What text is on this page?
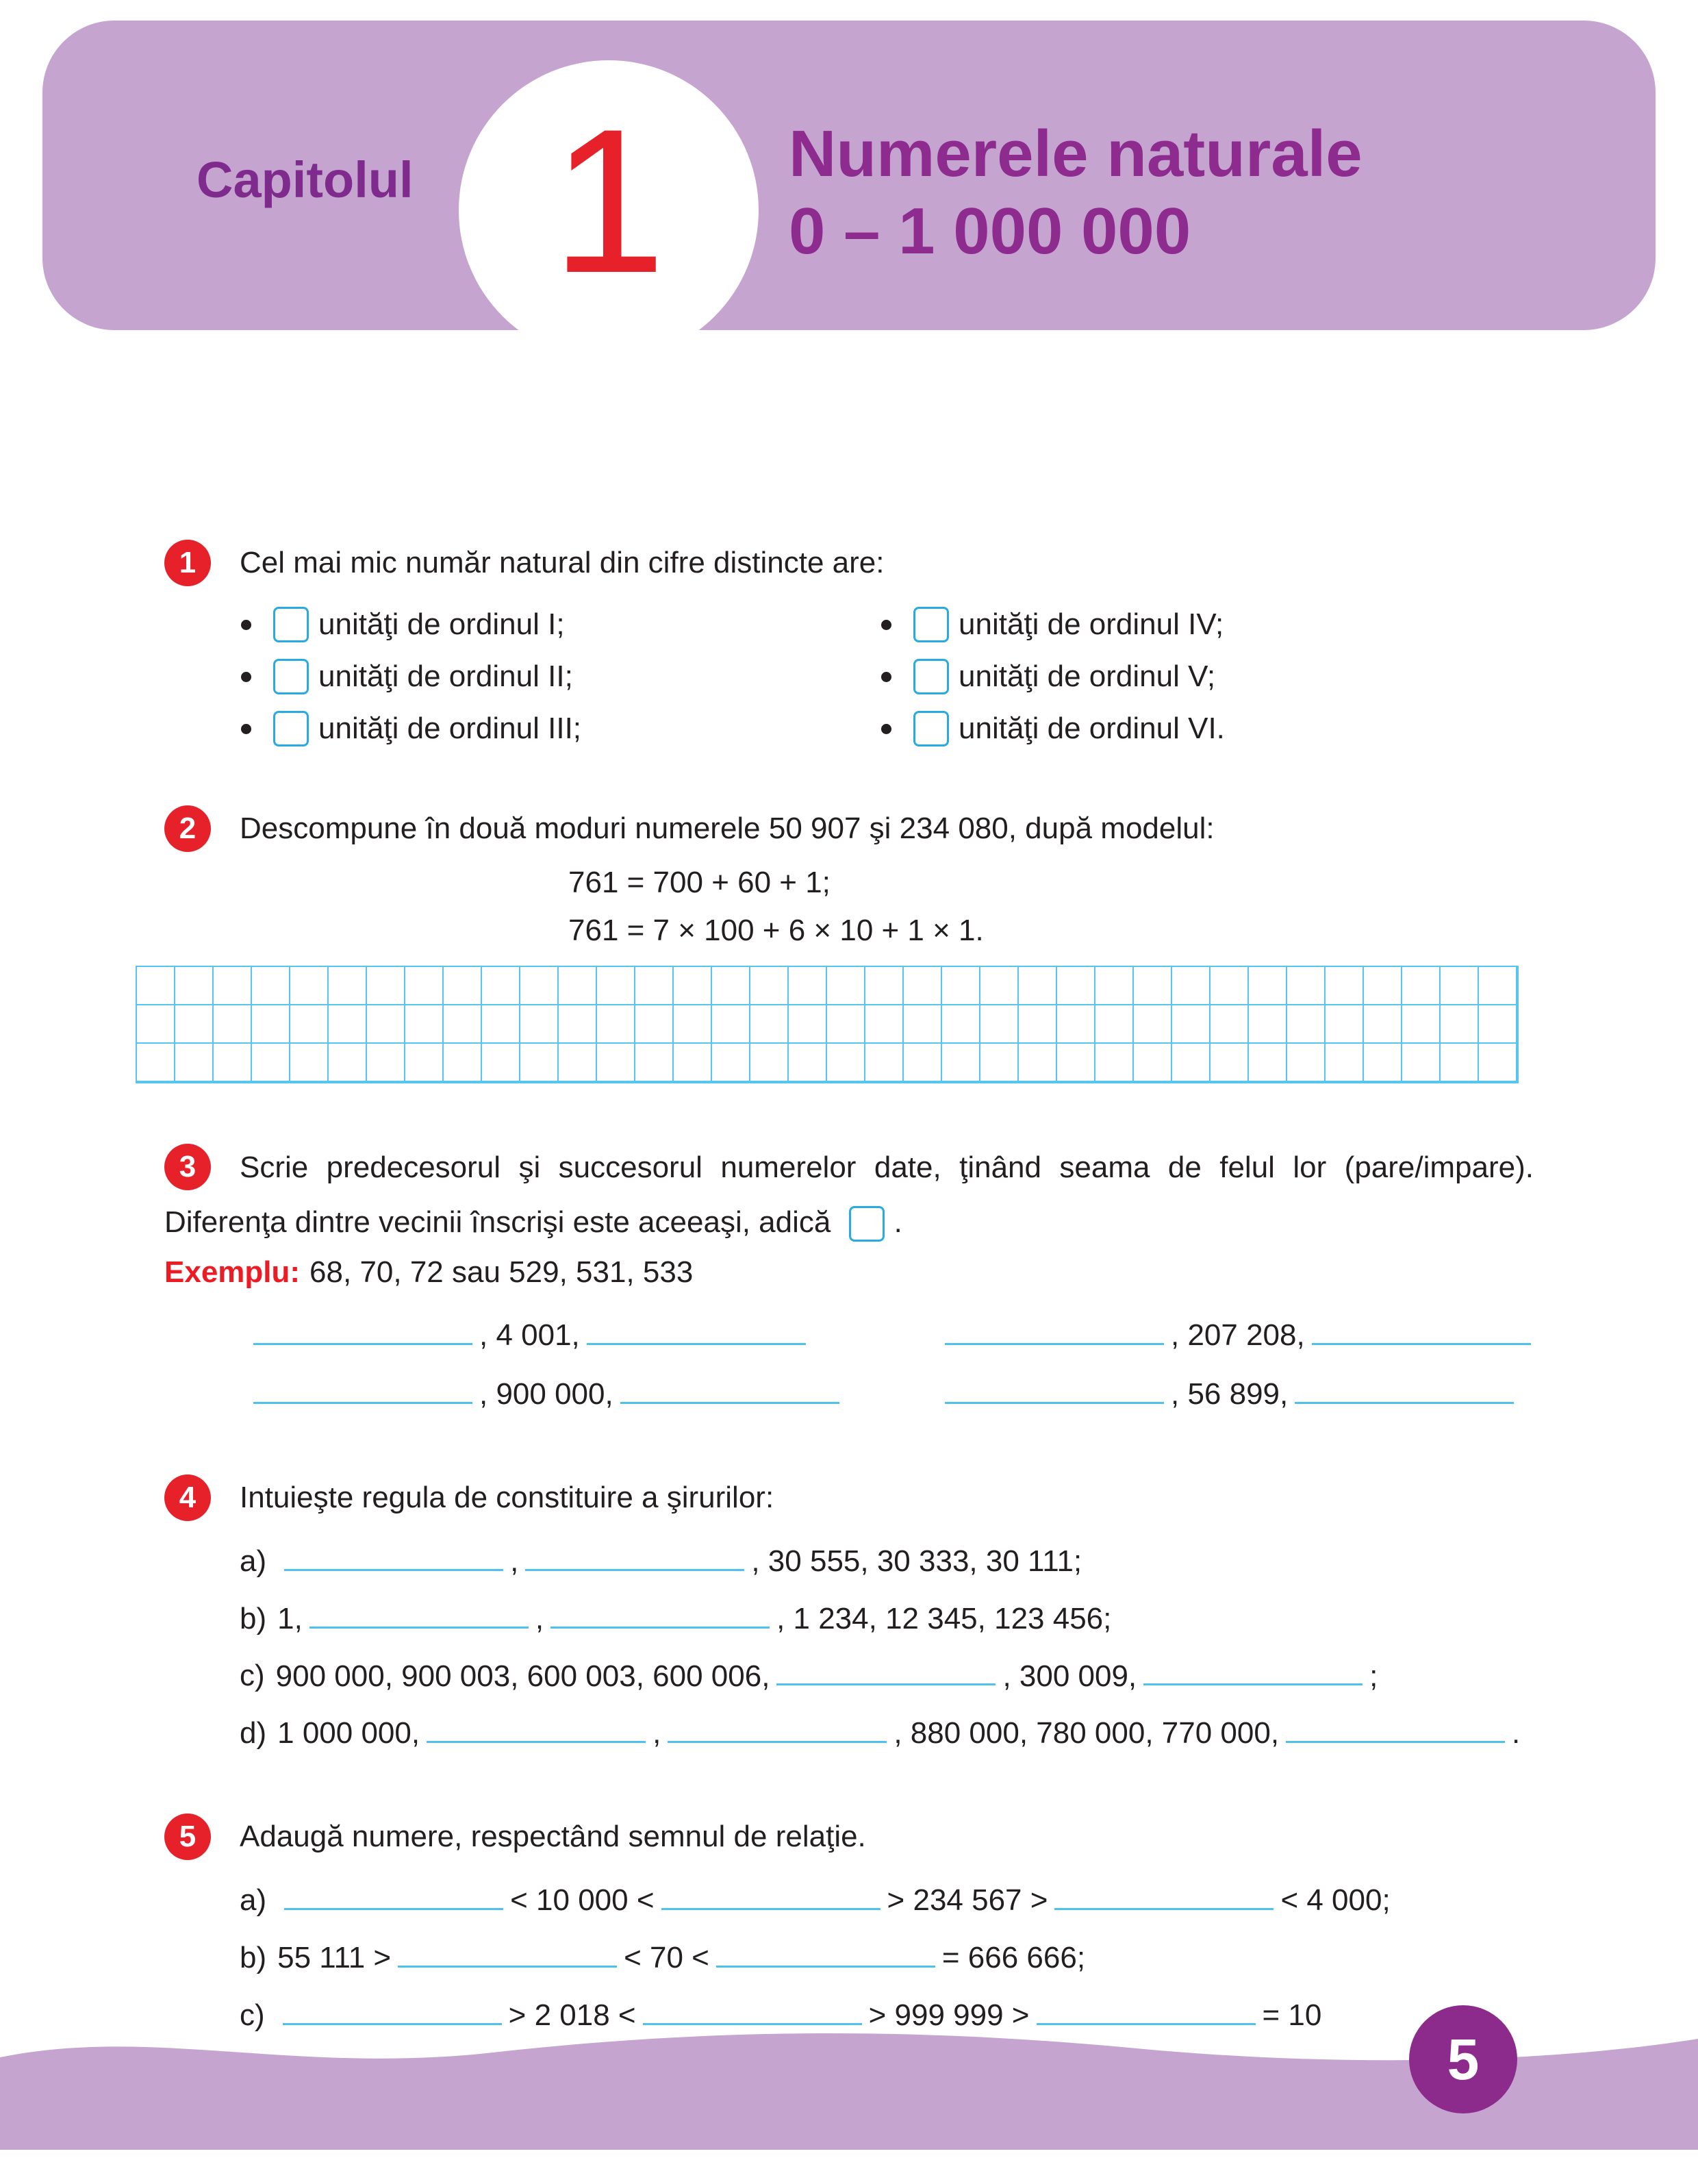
Capitolul 1	Numerele naturale
0 – 1 000 000
1	Cel mai mic număr natural din cifre distincte are:
unităţi de ordinul I;	unităţi de ordinul IV;
unităţi de ordinul II;	unităţi de ordinul V;
unităţi de ordinul III;	unităţi de ordinul VI.
2	Descompune în două moduri numerele 50 907 şi 234 080, după modelul:
761 = 700 + 60 + 1;
761 = 7 × 100 + 6 × 10 + 1 × 1.
3	Scrie predecesorul şi succesorul numerelor date, ţinând seama de felul lor (pare/impare).
Diferenţa dintre vecinii înscrişi este aceeaşi, adică .
Exemplu: 68, 70, 72 sau 529, 531, 533
, 4 001,	, 207 208,
, 900 000,	, 56 899,
4	Intuieşte regula de constituire a şirurilor:
a)	,	, 30 555, 30 333, 30 111;
b) 1,	,	, 1 234, 12 345, 123 456;
c) 900 000, 900 003, 600 003, 600 006,	, 300 009,	;
d) 1 000 000,	,	, 880 000, 780 000, 770 000,	.
5	Adaugă numere, respectând semnul de relaţie.
a)	< 10 000 <	> 234 567 >	< 4 000;
b) 55 111 >	< 70 <	= 666 666;
c)	> 2 018 <	> 999 999 >	= 10
5
